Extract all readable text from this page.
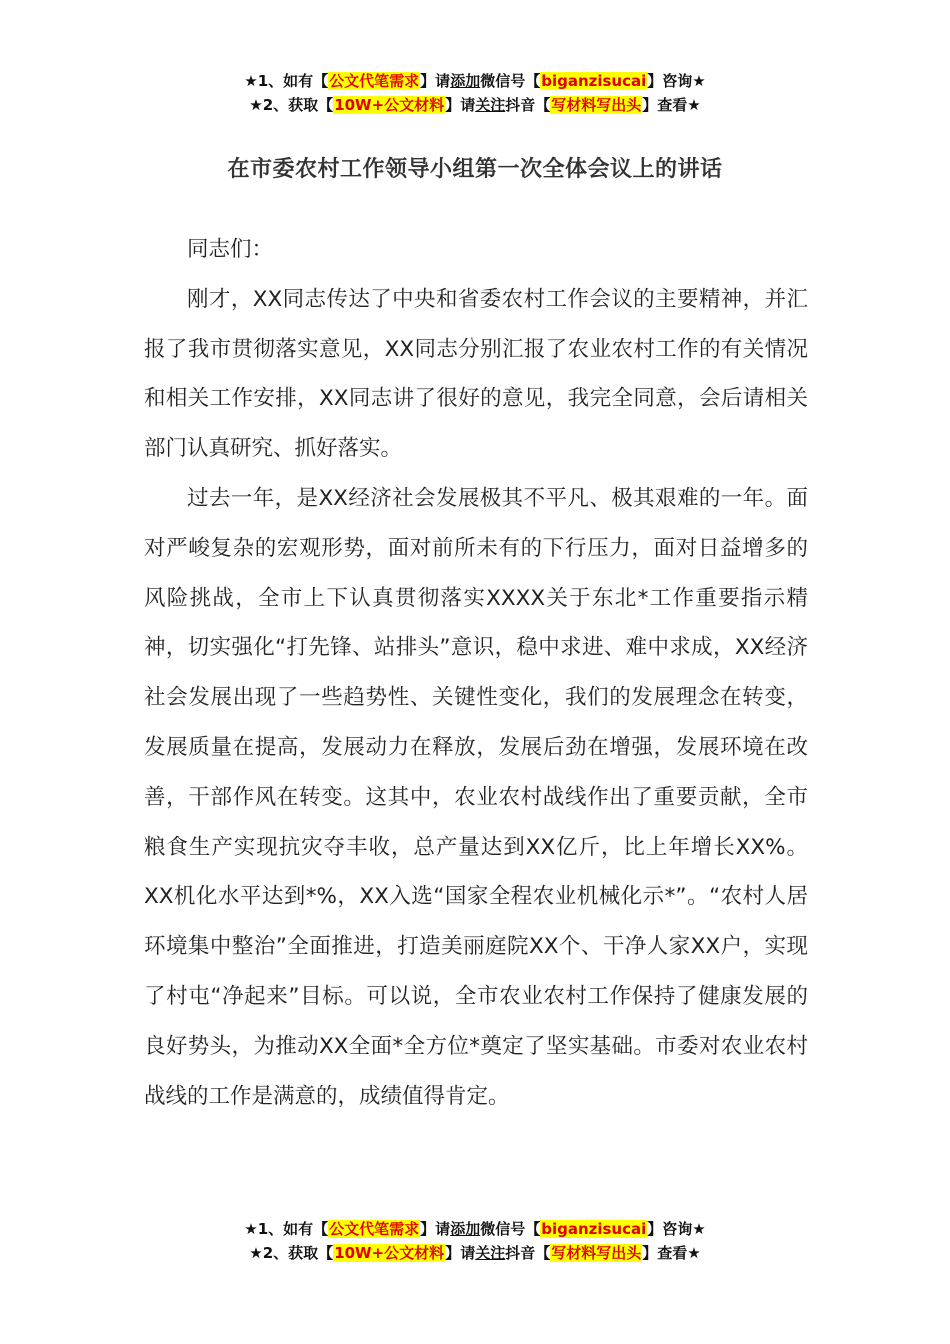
★1、如有【公文代笔需求】请添加微信号【biganzisucai】咨询★
★2、获取【10W+公文材料】请关注抖音【写材料写出头】查看★
在市委农村工作领导小组第一次全体会议上的讲话

同志们：

刚才，XX同志传达了中央和省委农村工作会议的主要精神，并汇报了我市贯彻落实意见，XX同志分别汇报了农业农村工作的有关情况和相关工作安排，XX同志讲了很好的意见，我完全同意，会后请相关部门认真研究、抓好落实。

过去一年，是XX经济社会发展极其不平凡、极其艰难的一年。面对严峻复杂的宏观形势，面对前所未有的下行压力，面对日益增多的风险挑战，全市上下认真贯彻落实XXXX关于东北*工作重要指示精神，切实强化“打先锋、站排头”意识，稳中求进、难中求成，XX经济社会发展出现了一些趋势性、关键性变化，我们的发展理念在转变，发展质量在提高，发展动力在释放，发展后劲在增强，发展环境在改善，干部作风在转变。这其中，农业农村战线作出了重要贡献，全市粮食生产实现抗灾夺丰收，总产量达到XX亿斤，比上年增长XX%。XX机化水平达到*%，XX入选“国家全程农业机械化示*”。“农村人居环境集中整治”全面推进，打造美丽庭院XX个、干净人家XX户，实现了村屯“净起来”目标。可以说，全市农业农村工作保持了健康发展的良好势头，为推动XX全面*全方位*奠定了坚实基础。市委对农业农村战线的工作是满意的，成绩值得肯定。

★1、如有【公文代笔需求】请添加微信号【biganzisucai】咨询★
★2、获取【10W+公文材料】请关注抖音【写材料写出头】查看★
